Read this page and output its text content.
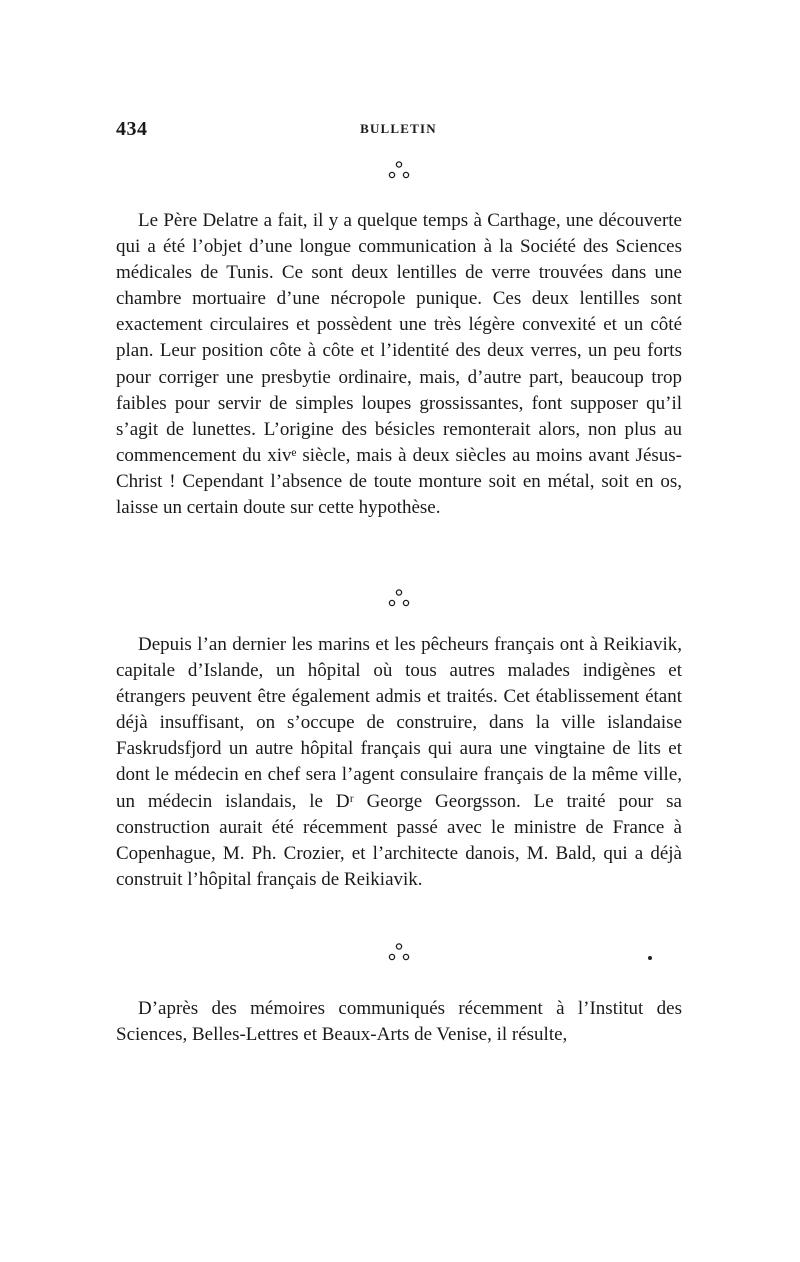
434	BULLETIN

Le Père Delatre a fait, il y a quelque temps à Carthage, une découverte qui a été l’objet d’une longue communication à la Société des Sciences médicales de Tunis. Ce sont deux lentilles de verre trouvées dans une chambre mortuaire d’une nécropole punique. Ces deux lentilles sont exactement circulaires et possèdent une très légère convexité et un côté plan. Leur position côte à côte et l’identité des deux verres, un peu forts pour corriger une presbytie ordinaire, mais, d’autre part, beaucoup trop faibles pour servir de simples loupes grossissantes, font supposer qu’il s’agit de lunettes. L’origine des bésicles remonterait alors, non plus au commencement du xivᵉ siècle, mais à deux siècles au moins avant Jésus-Christ ! Cependant l’absence de toute monture soit en métal, soit en os, laisse un certain doute sur cette hypothèse.

Depuis l’an dernier les marins et les pêcheurs français ont à Reikiavik, capitale d’Islande, un hôpital où tous autres malades indigènes et étrangers peuvent être également admis et traités. Cet établissement étant déjà insuffisant, on s’occupe de construire, dans la ville islandaise Faskrudsfjord un autre hôpital français qui aura une vingtaine de lits et dont le médecin en chef sera l’agent consulaire français de la même ville, un médecin islandais, le Dʳ George Georgsson. Le traité pour sa construction aurait été récemment passé avec le ministre de France à Copenhague, M. Ph. Crozier, et l’architecte danois, M. Bald, qui a déjà construit l’hôpital français de Reikiavik.

D’après des mémoires communiqués récemment à l’Institut des Sciences, Belles-Lettres et Beaux-Arts de Venise, il résulte,
